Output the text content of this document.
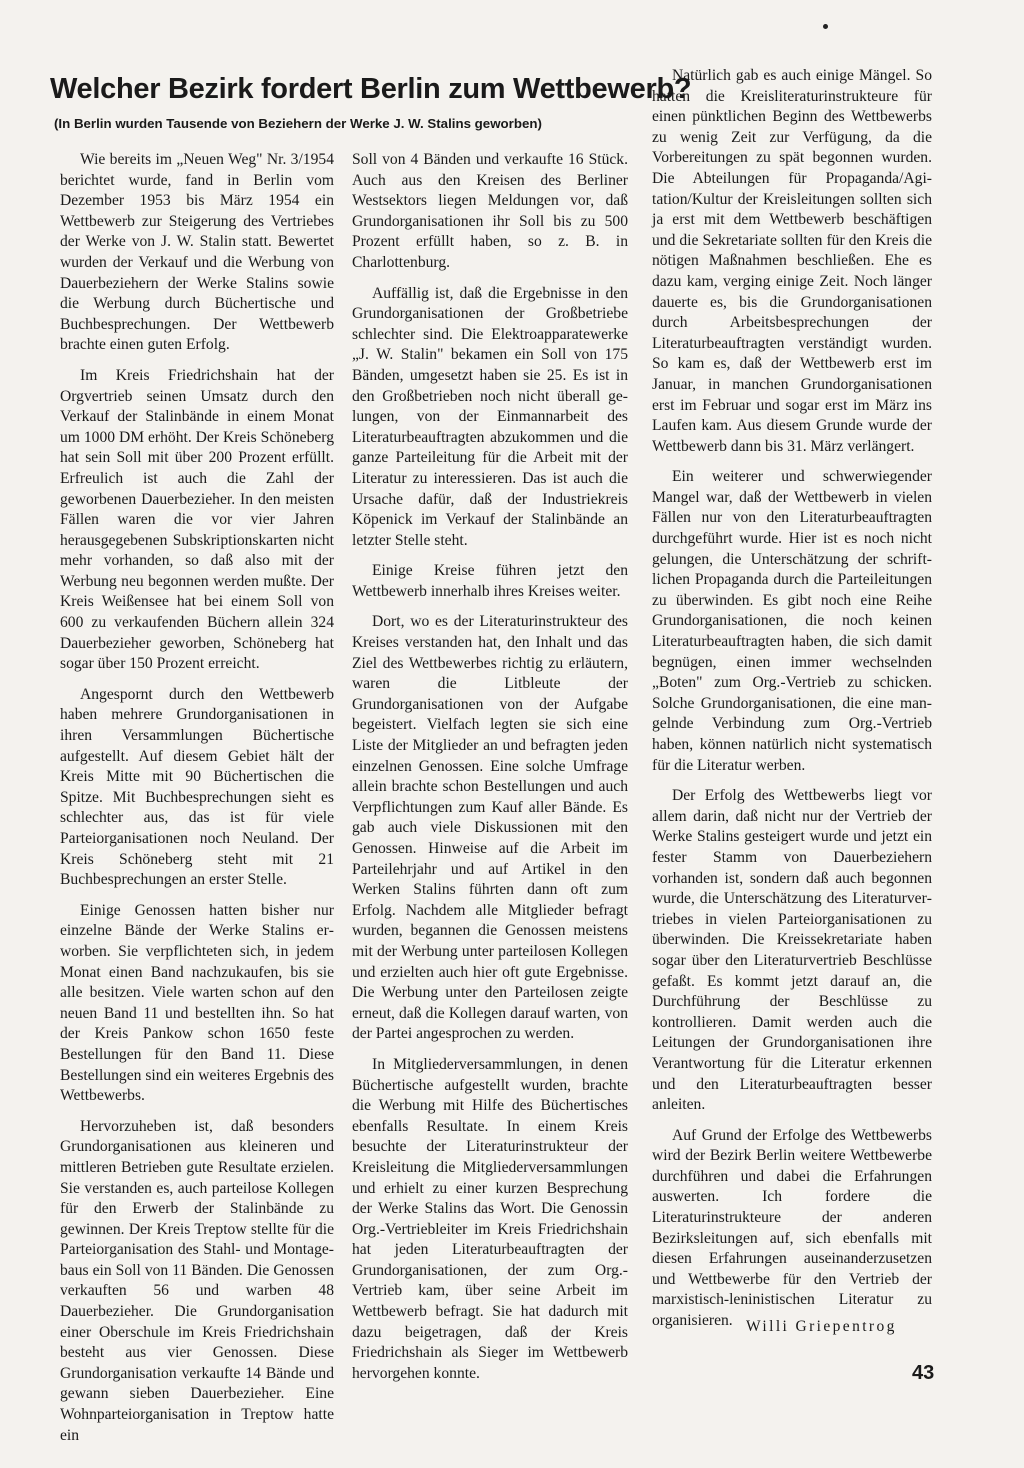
Welcher Bezirk fordert Berlin zum Wettbewerb?

(In Berlin wurden Tausende von Beziehern der Werke J. W. Stalins geworben)

Wie bereits im „Neuen Weg" Nr. 3/1954 berichtet wurde, fand in Berlin vom Dezember 1953 bis März 1954 ein Wettbewerb zur Steigerung des Vertriebes der Werke von J. W. Stalin statt. Bewertet wurden der Verkauf und die Werbung von Dauerbeziehern der Werke Stalins sowie die Werbung durch Büchertische und Buchbesprechungen. Der Wettbewerb brachte einen guten Erfolg.

Im Kreis Friedrichshain hat der Orgvertrieb seinen Umsatz durch den Verkauf der Stalinbände in einem Monat um 1000 DM erhöht. Der Kreis Schöneberg hat sein Soll mit über 200 Prozent erfüllt. Erfreulich ist auch die Zahl der geworbenen Dauerbezieher. In den meisten Fällen waren die vor vier Jahren herausgegebenen Subskriptionskarten nicht mehr vorhanden, so daß also mit der Werbung neu begonnen werden mußte. Der Kreis Weißensee hat bei einem Soll von 600 zu verkaufenden Büchern allein 324 Dauerbezieher geworben, Schöneberg hat sogar über 150 Prozent erreicht.

Angespornt durch den Wettbewerb haben mehrere Grundorganisationen in ihren Versammlungen Büchertische aufgestellt. Auf diesem Gebiet hält der Kreis Mitte mit 90 Büchertischen die Spitze. Mit Buchbesprechungen sieht es schlechter aus, das ist für viele Parteiorganisationen noch Neuland. Der Kreis Schöneberg steht mit 21 Buchbesprechungen an erster Stelle.

Einige Genossen hatten bisher nur einzelne Bände der Werke Stalins erworben. Sie verpflichteten sich, in jedem Monat einen Band nachzukaufen, bis sie alle besitzen. Viele warten schon auf den neuen Band 11 und bestellten ihn. So hat der Kreis Pankow schon 1650 feste Bestellungen für den Band 11. Diese Bestellungen sind ein weiteres Ergebnis des Wettbewerbs.

Hervorzuheben ist, daß besonders Grundorganisationen aus kleineren und mittleren Betrieben gute Resultate erzielen. Sie verstanden es, auch parteilose Kollegen für den Erwerb der Stalinbände zu gewinnen. Der Kreis Treptow stellte für die Parteiorganisation des Stahl- und Montagebaus ein Soll von 11 Bänden. Die Genossen verkauften 56 und warben 48 Dauerbezieher. Die Grundorganisation einer Oberschule im Kreis Friedrichshain besteht aus vier Genossen. Diese Grundorganisation verkaufte 14 Bände und gewann sieben Dauerbezieher. Eine Wohnparteiorganisation in Treptow hatte ein

Soll von 4 Bänden und verkaufte 16 Stück. Auch aus den Kreisen des Berliner Westsektors liegen Meldungen vor, daß Grundorganisationen ihr Soll bis zu 500 Prozent erfüllt haben, so z. B. in Charlottenburg.

Auffällig ist, daß die Ergebnisse in den Grundorganisationen der Großbetriebe schlechter sind. Die Elektroapparatewerke „J. W. Stalin" bekamen ein Soll von 175 Bänden, umgesetzt haben sie 25. Es ist in den Großbetrieben noch nicht überall gelungen, von der Einmannarbeit des Literaturbeauftragten abzukommen und die ganze Parteileitung für die Arbeit mit der Literatur zu interessieren. Das ist auch die Ursache dafür, daß der Industriekreis Köpenick im Verkauf der Stalinbände an letzter Stelle steht.

Einige Kreise führen jetzt den Wettbewerb innerhalb ihres Kreises weiter.

Dort, wo es der Literaturinstrukteur des Kreises verstanden hat, den Inhalt und das Ziel des Wettbewerbes richtig zu erläutern, waren die Litbleute der Grundorganisationen von der Aufgabe begeistert. Vielfach legten sie sich eine Liste der Mitglieder an und befragten jeden einzelnen Genossen. Eine solche Umfrage allein brachte schon Bestellungen und auch Verpflichtungen zum Kauf aller Bände. Es gab auch viele Diskussionen mit den Genossen. Hinweise auf die Arbeit im Parteilehrjahr und auf Artikel in den Werken Stalins führten dann oft zum Erfolg. Nachdem alle Mitglieder befragt wurden, begannen die Genossen meistens mit der Werbung unter parteilosen Kollegen und erzielten auch hier oft gute Ergebnisse. Die Werbung unter den Parteilosen zeigte erneut, daß die Kollegen darauf warten, von der Partei angesprochen zu werden.

In Mitgliederversammlungen, in denen Büchertische aufgestellt wurden, brachte die Werbung mit Hilfe des Büchertisches ebenfalls Resultate. In einem Kreis besuchte der Literaturinstrukteur der Kreisleitung die Mitgliederversammlungen und erhielt zu einer kurzen Besprechung der Werke Stalins das Wort. Die Genossin Org.-Vertriebleiter im Kreis Friedrichshain hat jeden Literaturbeauftragten der Grundorganisationen, der zum Org.-Vertrieb kam, über seine Arbeit im Wettbewerb befragt. Sie hat dadurch mit dazu beigetragen, daß der Kreis Friedrichshain als Sieger im Wettbewerb hervorgehen konnte.

Natürlich gab es auch einige Mängel. So hatten die Kreisliteraturinstrukteure für einen pünktlichen Beginn des Wettbewerbs zu wenig Zeit zur Verfügung, da die Vorbereitungen zu spät begonnen wurden. Die Abteilungen für Propaganda/Agitation/Kultur der Kreisleitungen sollten sich ja erst mit dem Wettbewerb beschäftigen und die Sekretariate sollten für den Kreis die nötigen Maßnahmen beschließen. Ehe es dazu kam, verging einige Zeit. Noch länger dauerte es, bis die Grundorganisationen durch Arbeitsbesprechungen der Literaturbeauftragten verständigt wurden. So kam es, daß der Wettbewerb erst im Januar, in manchen Grundorganisationen erst im Februar und sogar erst im März ins Laufen kam. Aus diesem Grunde wurde der Wettbewerb dann bis 31. März verlängert.

Ein weiterer und schwerwiegender Mangel war, daß der Wettbewerb in vielen Fällen nur von den Literaturbeauftragten durchgeführt wurde. Hier ist es noch nicht gelungen, die Unterschätzung der schriftlichen Propaganda durch die Parteileitungen zu überwinden. Es gibt noch eine Reihe Grundorganisationen, die noch keinen Literaturbeauftragten haben, die sich damit begnügen, einen immer wechselnden „Boten" zum Org.-Vertrieb zu schicken. Solche Grundorganisationen, die eine mangelnde Verbindung zum Org.-Vertrieb haben, können natürlich nicht systematisch für die Literatur werben.

Der Erfolg des Wettbewerbs liegt vor allem darin, daß nicht nur der Vertrieb der Werke Stalins gesteigert wurde und jetzt ein fester Stamm von Dauerbeziehern vorhanden ist, sondern daß auch begonnen wurde, die Unterschätzung des Literaturvertriebes in vielen Parteiorganisationen zu überwinden. Die Kreissekretariate haben sogar über den Literaturvertrieb Beschlüsse gefaßt. Es kommt jetzt darauf an, die Durchführung der Beschlüsse zu kontrollieren. Damit werden auch die Leitungen der Grundorganisationen ihre Verantwortung für die Literatur erkennen und den Literaturbeauftragten besser anleiten.

Auf Grund der Erfolge des Wettbewerbs wird der Bezirk Berlin weitere Wettbewerbe durchführen und dabei die Erfahrungen auswerten. Ich fordere die Literaturinstrukteure der anderen Bezirksleitungen auf, sich ebenfalls mit diesen Erfahrungen auseinanderzusetzen und Wettbewerbe für den Vertrieb der marxistisch-leninistischen Literatur zu organisieren. Willi Griepentrog

43
